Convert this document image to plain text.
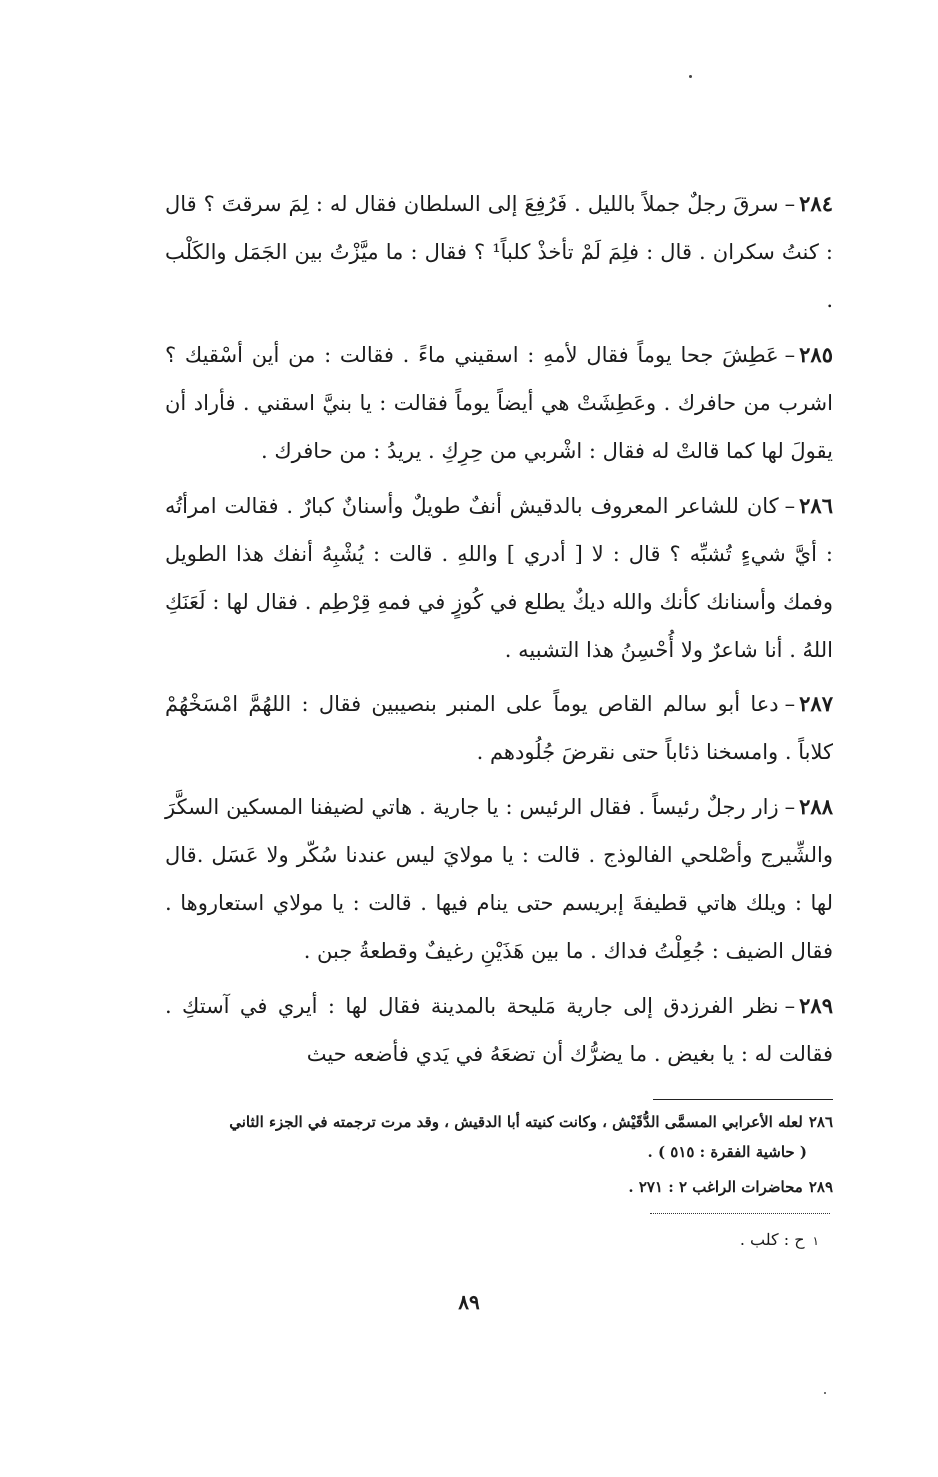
٢٨٤–سرقَ رجلٌ جملاً بالليل . فَرُفِعَ إلى السلطان فقال له : لِمَ سرقتَ ؟ قال : كنتُ سكران . قال : فلِمَ لَمْ تأخذْ كلباً¹ ؟ فقال : ما ميَّزْتُ بين الجَمَل والكَلْب .
٢٨٥–عَطِشَ جحا يوماً فقال لأمهِ : اسقيني ماءً . فقالت : من أين أسْقيك ؟ اشرب من حافرك . وعَطِشَتْ هي أيضاً يوماً فقالت : يا بنيَّ اسقني . فأراد أن يقولَ لها كما قالتْ له فقال : اشْربي من حِرِكِ . يريدُ : من حافرك .
٢٨٦–كان للشاعر المعروف بالدقيش أنفٌ طويلٌ وأسنانٌ كبارٌ . فقالت امرأتُه : أيَّ شيءٍ تُشبِّه ؟ قال : لا [ أدري ] واللهِ . قالت : يُشْبِهُ أنفك هذا الطويل وفمك وأسنانك كأنك والله ديكٌ يطلع في كُوزٍ في فمهِ قِرْطِم . فقال لها : لَعَنَكِ اللهُ . أنا شاعرٌ ولا أُحْسِنُ هذا التشبيه .
٢٨٧–دعا أبو سالم القاص يوماً على المنبر بنصيبين فقال : اللهُمَّ امْسَخْهُمْ كلاباً . وامسخنا ذئاباً حتى نقرضَ جُلُودهم .
٢٨٨–زار رجلٌ رئيساً . فقال الرئيس : يا جارية . هاتي لضيفنا المسكين السكَّرَ والشِّيرج وأصْلحي الفالوذج . قالت : يا مولايَ ليس عندنا سُكّر ولا عَسَل .قال لها : ويلك هاتي قطيفةَ إبريسم حتى ينام فيها . قالت : يا مولاي استعاروها . فقال الضيف : جُعِلْتُ فداك . ما بين هَذَيْنِ رغيفٌ وقطعةُ جبن .
٢٨٩–نظر الفرزدق إلى جارية مَليحة بالمدينة فقال لها : أيري في آستكِ . فقالت له : يا بغيض . ما يضرُّك أن تضعَهُ في يَدي فأضعه حيث
٢٨٦لعله الأعرابي المسمَّى الدُّقَيْش ، وكانت كنيته أبا الدقيش ، وقد مرت ترجمته في الجزء الثاني
( حاشية الفقرة : ٥١٥ ) .
٢٨٩محاضرات الراغب ٢ : ٢٧١ .
١ح : كلب .
٨٩
